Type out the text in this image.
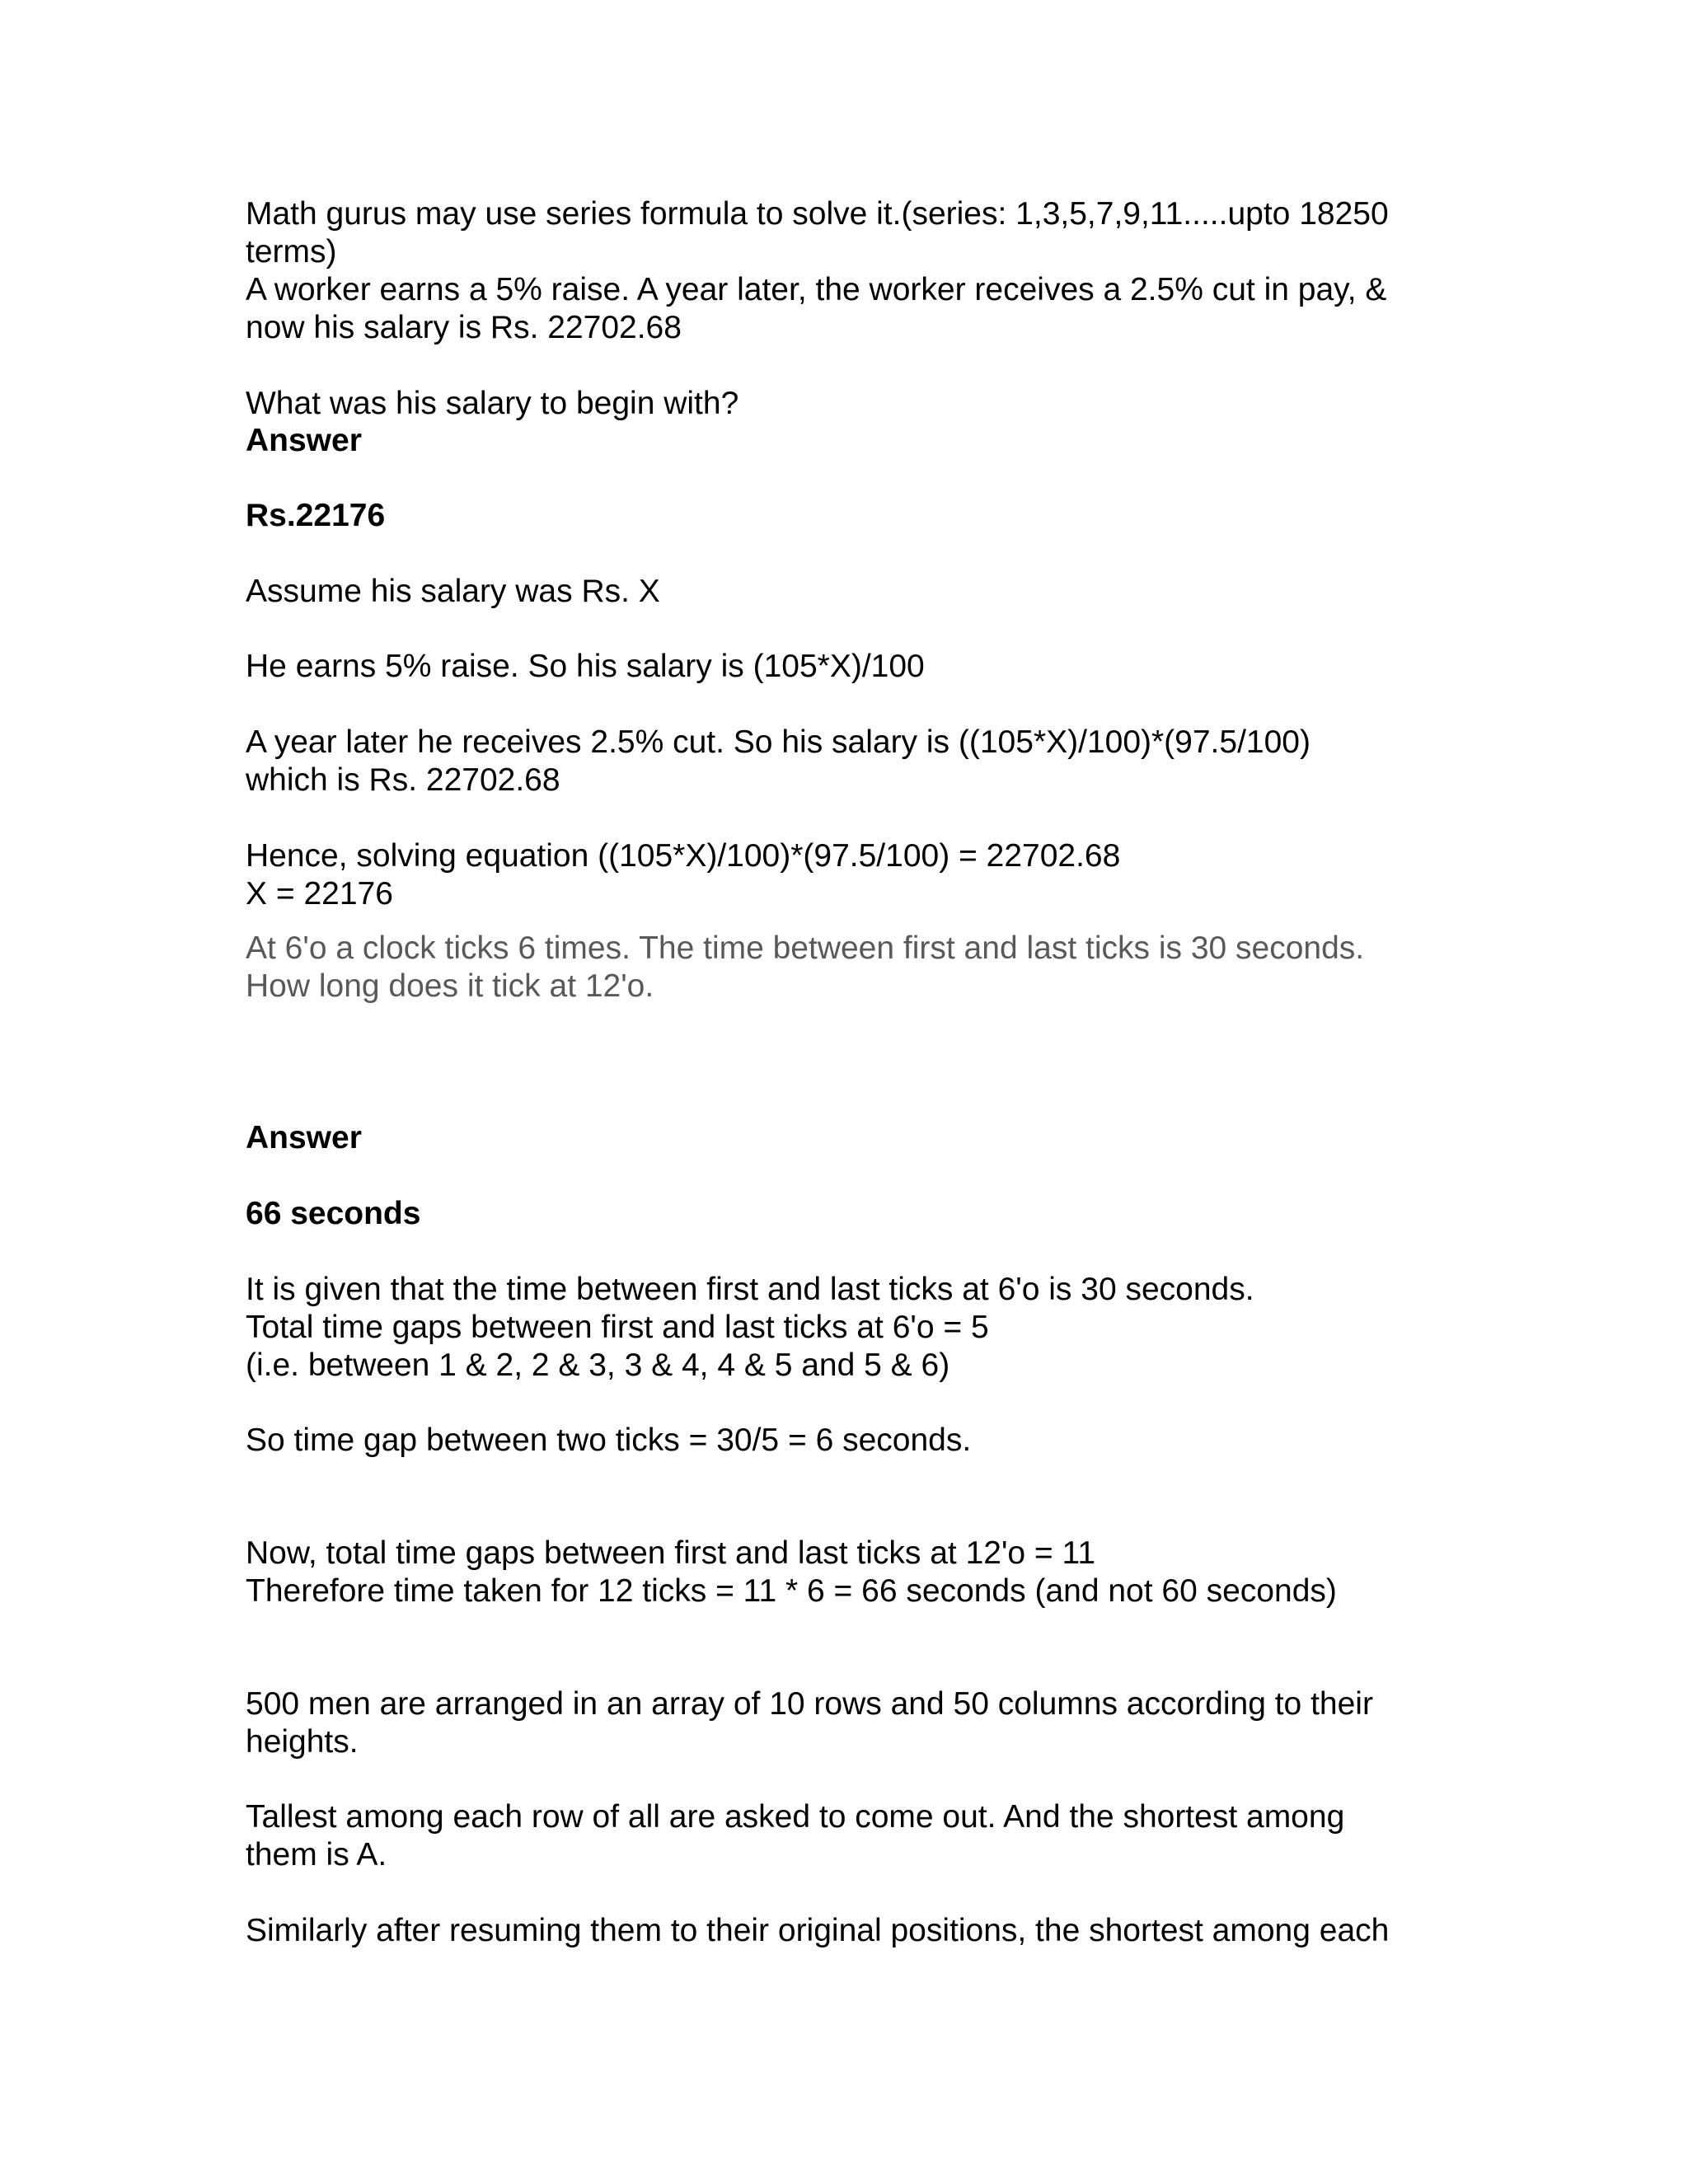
Math gurus may use series formula to solve it.(series: 1,3,5,7,9,11.....upto 18250

terms)

A worker earns a 5% raise. A year later, the worker receives a 2.5% cut in pay, &

now his salary is Rs. 22702.68

What was his salary to begin with?

Answer

Rs.22176

Assume his salary was Rs. X

He earns 5% raise. So his salary is (105*X)/100

A year later he receives 2.5% cut. So his salary is ((105*X)/100)*(97.5/100)

which is Rs. 22702.68

Hence, solving equation ((105*X)/100)*(97.5/100) = 22702.68

X = 22176

At 6'o a clock ticks 6 times. The time between first and last ticks is 30 seconds.

How long does it tick at 12'o.

Answer

66 seconds

It is given that the time between first and last ticks at 6'o is 30 seconds.

Total time gaps between first and last ticks at 6'o = 5

(i.e. between 1 & 2, 2 & 3, 3 & 4, 4 & 5 and 5 & 6)

So time gap between two ticks = 30/5 = 6 seconds.

Now, total time gaps between first and last ticks at 12'o = 11

Therefore time taken for 12 ticks = 11 * 6 = 66 seconds (and not 60 seconds)

500 men are arranged in an array of 10 rows and 50 columns according to their

heights.

Tallest among each row of all are asked to come out. And the shortest among

them is A.

Similarly after resuming them to their original positions, the shortest among each
